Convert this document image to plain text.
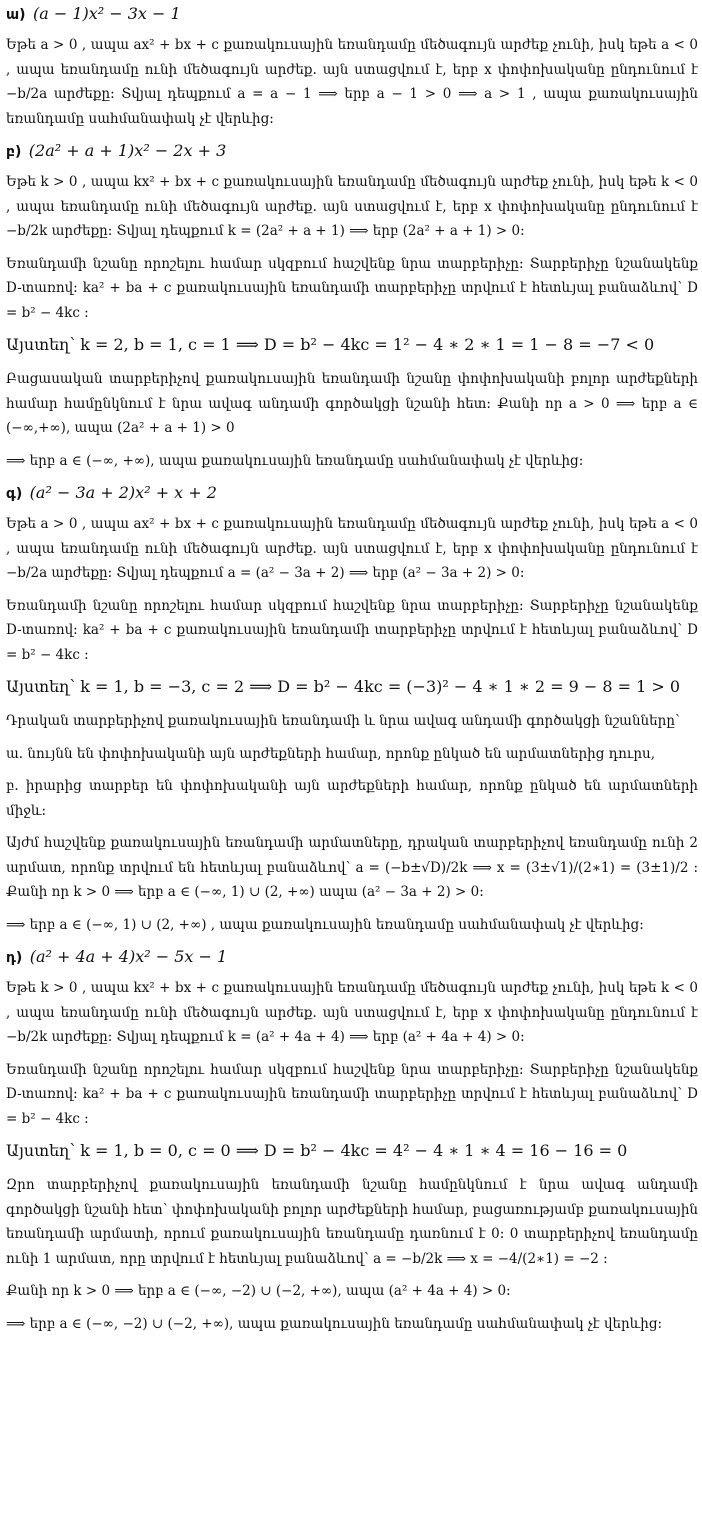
ա) (a − 1)x² − 3x − 1

Եթե a > 0 , ապա ax² + bx + c քառակուսային եռանդամը մեծագույն արժեք չունի, իսկ եթե a < 0 , ապա եռանդամը ունի մեծագույն արժեք. այն ստացվում է, երբ x փոփոխականը ընդունում է −b/2a արժեքը: Տվյալ դեպքում a = a − 1 ⟹ երբ a − 1 > 0 ⟹ a > 1 , ապա քառակուսային եռանդամը սահմանափակ չէ վերևից:

բ) (2a² + a + 1)x² − 2x + 3

Եթե k > 0 , ապա kx² + bx + c քառակուսային եռանդամը մեծագույն արժեք չունի, իսկ եթե k < 0 , ապա եռանդամը ունի մեծագույն արժեք. այն ստացվում է, երբ x փոփոխականը ընդունում է −b/2k արժեքը: Տվյալ դեպքում k = (2a² + a + 1) ⟹ երբ (2a² + a + 1) > 0:

Եռանդամի նշանը որոշելու համար սկզբում հաշվենք նրա տարբերիչը: Տարբերիչը նշանակենք D-տառով: ka² + ba + c քառակուսային եռանդամի տարբերիչը տրվում է հետևյալ բանաձևով՝ D = b² − 4kc :

Այստեղ՝ k = 2, b = 1, c = 1 ⟹ D = b² − 4kc = 1² − 4 ∗ 2 ∗ 1 = 1 − 8 = −7 < 0

Բացասական տարբերիչով քառակուսային եռանդամի նշանը փոփոխականի բոլոր արժեքների համար համընկնում է նրա ավագ անդամի գործակցի նշանի հետ: Քանի որ a > 0 ⟹ երբ a ∈ (−∞,+∞), ապա (2a² + a + 1) > 0

⟹ երբ a ∈ (−∞, +∞), ապա քառակուսային եռանդամը սահմանափակ չէ վերևից:

գ) (a² − 3a + 2)x² + x + 2

Եթե a > 0 , ապա ax² + bx + c քառակուսային եռանդամը մեծագույն արժեք չունի, իսկ եթե a < 0 , ապա եռանդամը ունի մեծագույն արժեք. այն ստացվում է, երբ x փոփոխականը ընդունում է −b/2a արժեքը: Տվյալ դեպքում a = (a² − 3a + 2) ⟹ երբ (a² − 3a + 2) > 0:

Եռանդամի նշանը որոշելու համար սկզբում հաշվենք նրա տարբերիչը: Տարբերիչը նշանակենք D-տառով: ka² + ba + c քառակուսային եռանդամի տարբերիչը տրվում է հետևյալ բանաձևով՝ D = b² − 4kc :

Այստեղ՝ k = 1, b = −3, c = 2 ⟹ D = b² − 4kc = (−3)² − 4 ∗ 1 ∗ 2 = 9 − 8 = 1 > 0

Դրական տարբերիչով քառակուսային եռանդամի և նրա ավագ անդամի գործակցի նշանները՝

ա. նույնն են փոփոխականի այն արժեքների համար, որոնք ընկած են արմատներից դուրս,

բ. իրարից տարբեր են փոփոխականի այն արժեքների համար, որոնք ընկած են արմատների միջև:

Այժմ հաշվենք քառակուսային եռանդամի արմատները, դրական տարբերիչով եռանդամը ունի 2 արմատ, որոնք տրվում են հետևյալ բանաձևով՝ a = (−b±√D)/2k ⟹ x = (3±√1)/(2∗1) = (3±1)/2 : Քանի որ k > 0 ⟹ երբ a ∈ (−∞, 1) ∪ (2, +∞) ապա (a² − 3a + 2) > 0:

⟹ երբ a ∈ (−∞, 1) ∪ (2, +∞) , ապա քառակուսային եռանդամը սահմանափակ չէ վերևից:

դ) (a² + 4a + 4)x² − 5x − 1

Եթե k > 0 , ապա kx² + bx + c քառակուսային եռանդամը մեծագույն արժեք չունի, իսկ եթե k < 0 , ապա եռանդամը ունի մեծագույն արժեք. այն ստացվում է, երբ x փոփոխականը ընդունում է −b/2k արժեքը: Տվյալ դեպքում k = (a² + 4a + 4) ⟹ երբ (a² + 4a + 4) > 0:

Եռանդամի նշանը որոշելու համար սկզբում հաշվենք նրա տարբերիչը: Տարբերիչը նշանակենք D-տառով: ka² + ba + c քառակուսային եռանդամի տարբերիչը տրվում է հետևյալ բանաձևով՝ D = b² − 4kc :

Այստեղ՝ k = 1, b = 0, c = 0 ⟹ D = b² − 4kc = 4² − 4 ∗ 1 ∗ 4 = 16 − 16 = 0

Զրո տարբերիչով քառակուսային եռանդամի նշանը համընկնում է նրա ավագ անդամի գործակցի նշանի հետ՝ փոփոխականի բոլոր արժեքների համար, բացառությամբ քառակուսային եռանդամի արմատի, որում քառակուսային եռանդամը դառնում է 0: 0 տարբերիչով եռանդամը ունի 1 արմատ, որը տրվում է հետևյալ բանաձևով՝ a = −b/2k ⟹ x = −4/(2∗1) = −2 :

Քանի որ k > 0 ⟹ երբ a ∈ (−∞, −2) ∪ (−2, +∞), ապա (a² + 4a + 4) > 0:

⟹ երբ a ∈ (−∞, −2) ∪ (−2, +∞), ապա քառակուսային եռանդամը սահմանափակ չէ վերևից:
